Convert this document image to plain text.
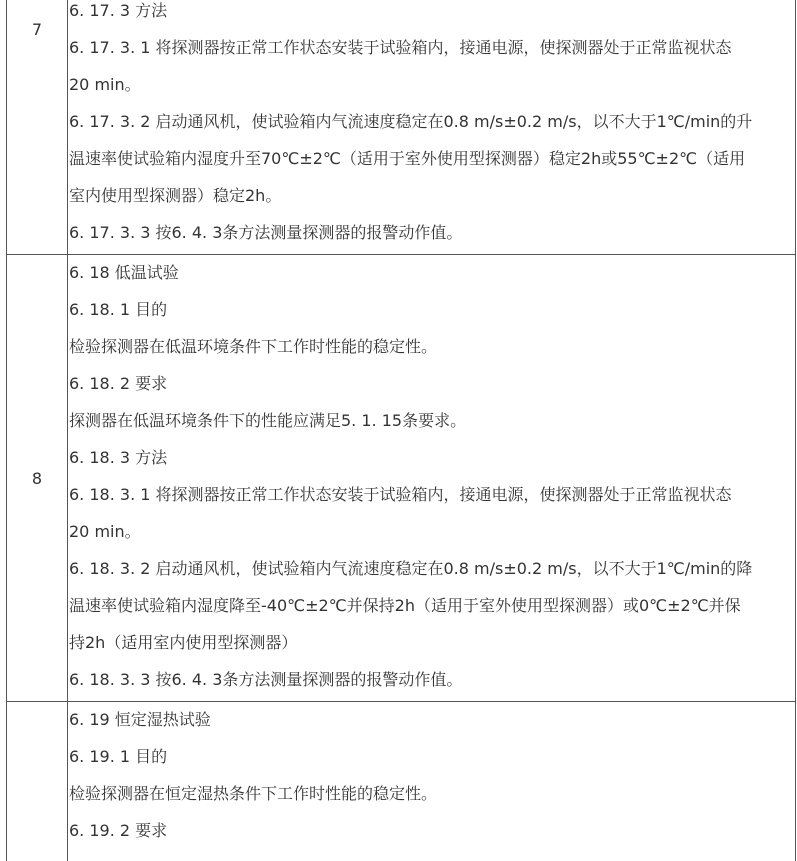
7
6. 17. 3 方法
6. 17. 3. 1 将探测器按正常工作状态安装于试验箱内，接通电源，使探测器处于正常监视状态
20 min。
6. 17. 3. 2 启动通风机，使试验箱内气流速度稳定在0.8 m/s±0.2 m/s，以不大于1℃/min的升
温速率使试验箱内湿度升至70℃±2℃（适用于室外使用型探测器）稳定2h或55℃±2℃（适用
室内使用型探测器）稳定2h。
6. 17. 3. 3 按6. 4. 3条方法测量探测器的报警动作值。
8
6. 18 低温试验
6. 18. 1 目的
检验探测器在低温环境条件下工作时性能的稳定性。
6. 18. 2 要求
探测器在低温环境条件下的性能应满足5. 1. 15条要求。
6. 18. 3 方法
6. 18. 3. 1 将探测器按正常工作状态安装于试验箱内，接通电源，使探测器处于正常监视状态
20 min。
6. 18. 3. 2 启动通风机，使试验箱内气流速度稳定在0.8 m/s±0.2 m/s，以不大于1℃/min的降
温速率使试验箱内湿度降至-40℃±2℃并保持2h（适用于室外使用型探测器）或0℃±2℃并保
持2h（适用室内使用型探测器）
6. 18. 3. 3 按6. 4. 3条方法测量探测器的报警动作值。
6. 19 恒定湿热试验
6. 19. 1 目的
检验探测器在恒定湿热条件下工作时性能的稳定性。
6. 19. 2 要求
